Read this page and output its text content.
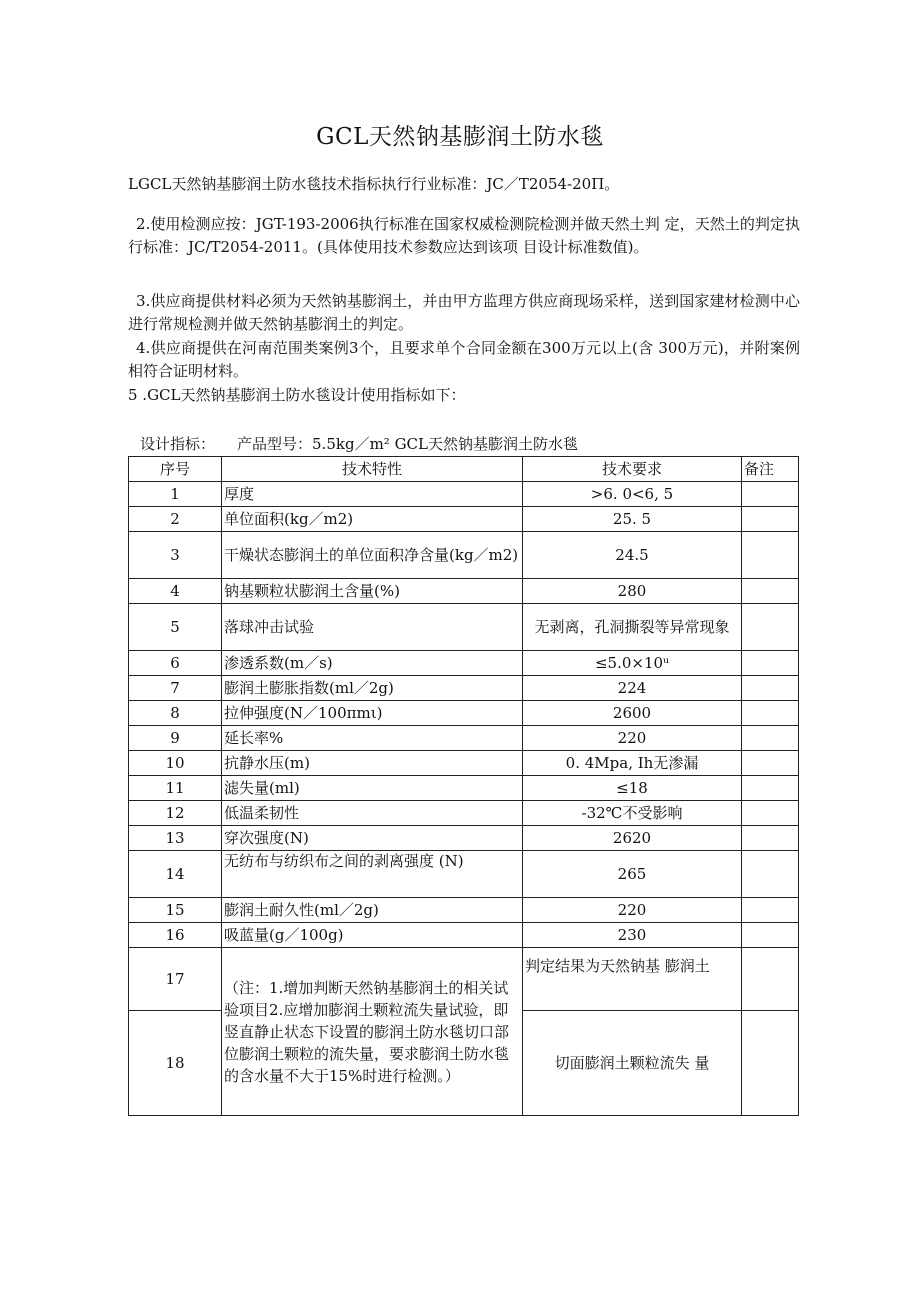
GCL天然钠基膨润土防水毯

LGCL天然钠基膨润土防水毯技术指标执行行业标准：JC／T2054-20Π。

2.使用检测应按：JGT-193-2006执行标准在国家权威检测院检测并做天然土判 定，天然土的判定执行标准：JC/T2054-2011。(具体使用技术参数应达到该项 目设计标准数值)。

3.供应商提供材料必须为天然钠基膨润土，并由甲方监理方供应商现场采样，送到国家建材检测中心进行常规检测并做天然钠基膨润土的判定。

4.供应商提供在河南范围类案例3个，且要求单个合同金额在300万元以上(含 300万元)，并附案例相符合证明材料。

5 .GCL天然钠基膨润土防水毯设计使用指标如下：

设计指标： 产品型号：5.5kg／m² GCL天然钠基膨润土防水毯
序号	技术特性	技术要求	备注
1	厚度	>6. 0<6, 5	
2	单位面积(kg／m2)	25. 5	
3	干燥状态膨润土的单位面积净含量(kg／m2)	24.5	
4	钠基颗粒状膨润土含量(%)	280	
5	落球冲击试验	无剥离，孔洞撕裂等异常现象	
6	渗透系数(m／s)	≤5.0×10ᵘ	
7	膨润土膨胀指数(ml／2g)	224	
8	拉伸强度(N／100πmι)	2600	
9	延长率%	220	
10	抗静水压(m)	0. 4Mpa, Ih无渗漏	
11	滤失量(ml)	≤18	
12	低温柔韧性	-32℃不受影响	
13	穿次强度(N)	2620	
14	无纺布与纺织布之间的剥离强度 (N)	265	
15	膨润土耐久性(ml／2g)	220	
16	吸蓝量(g／100g)	230	
17	（注：1.增加判断天然钠基膨润土的相关试验项目2.应增加膨润土颗粒流失量试验，即竖直静止状态下设置的膨润土防水毯切口部位膨润土颗粒的流失量，要求膨润土防水毯的含水量不大于15%时进行检测。）	判定结果为天然钠基 膨润土	
18		切面膨润土颗粒流失 量	
